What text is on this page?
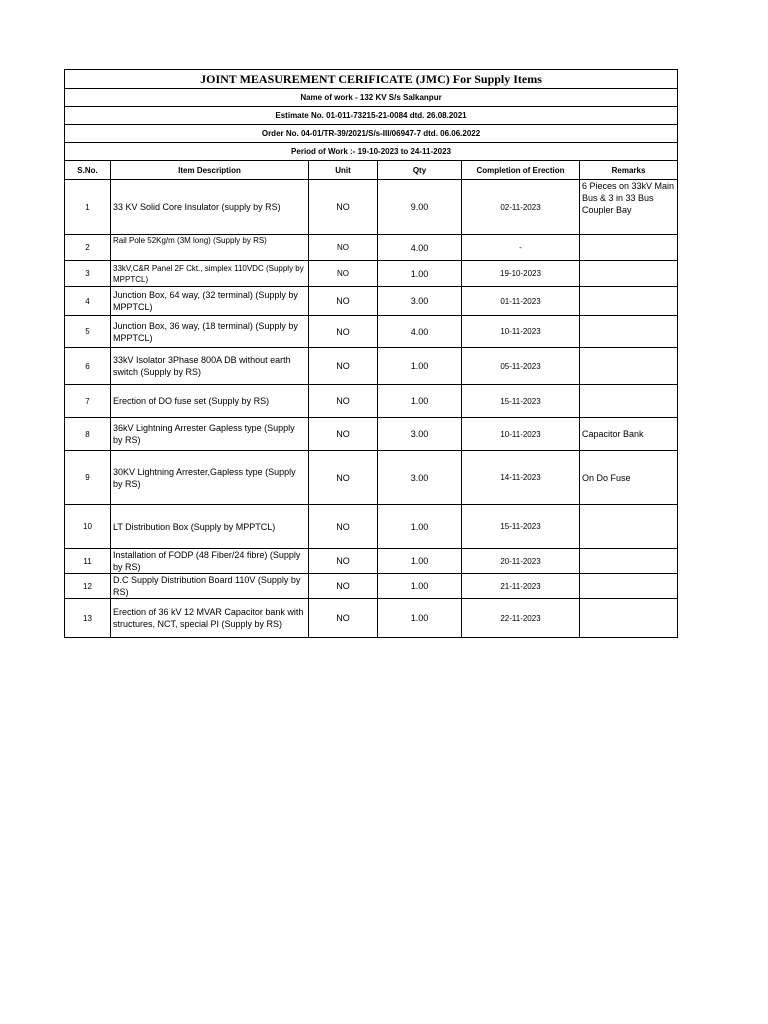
JOINT MEASUREMENT CERIFICATE (JMC) For Supply Items					
Name of work - 132 KV S/s Salkanpur					
Estimate No. 01-011-73215-21-0084 dtd. 26.08.2021					
Order No. 04-01/TR-39/2021/S/s-III/06947-7 dtd. 06.06.2022					
Period of Work :- 19-10-2023 to 24-11-2023					
S.No.	Item Description	Unit	Qty	Completion of Erection	Remarks
1	33 KV Solid Core Insulator (supply by RS)	NO	9.00	02-11-2023	6 Pieces on 33kV Main
Bus & 3 in 33 Bus Coupler Bay
2	Rail Pole 52Kg/m (3M long) (Supply by RS)	NO	4.00	-	
3	33kV,C&R Panel 2F Ckt., simplex 110VDC (Supply by MPPTCL)	NO	1.00	19-10-2023	
4	Junction Box, 64 way, (32 terminal) (Supply by MPPTCL)	NO	3.00	01-11-2023	
5	Junction Box, 36 way, (18 terminal) (Supply by MPPTCL)	NO	4.00	10-11-2023	
6	33kV Isolator 3Phase 800A DB without earth switch (Supply by RS)	NO	1.00	05-11-2023	
7	Erection of DO fuse set (Supply by RS)	NO	1.00	15-11-2023	
8	36kV Lightning Arrester Gapless type (Supply by RS)	NO	3.00	10-11-2023	Capacitor Bank
9	30KV Lightning Arrester,Gapless type (Supply by RS)	NO	3.00	14-11-2023	On Do Fuse
10	LT Distribution Box (Supply by MPPTCL)	NO	1.00	15-11-2023	
11	Installation of FODP (48 Fiber/24 fibre) (Supply by RS)	NO	1.00	20-11-2023	
12	D.C Supply Distribution Board 110V (Supply by RS)	NO	1.00	21-11-2023	
13	Erection of 36 kV 12 MVAR Capacitor bank with structures, NCT, special PI (Supply by RS)	NO	1.00	22-11-2023	
